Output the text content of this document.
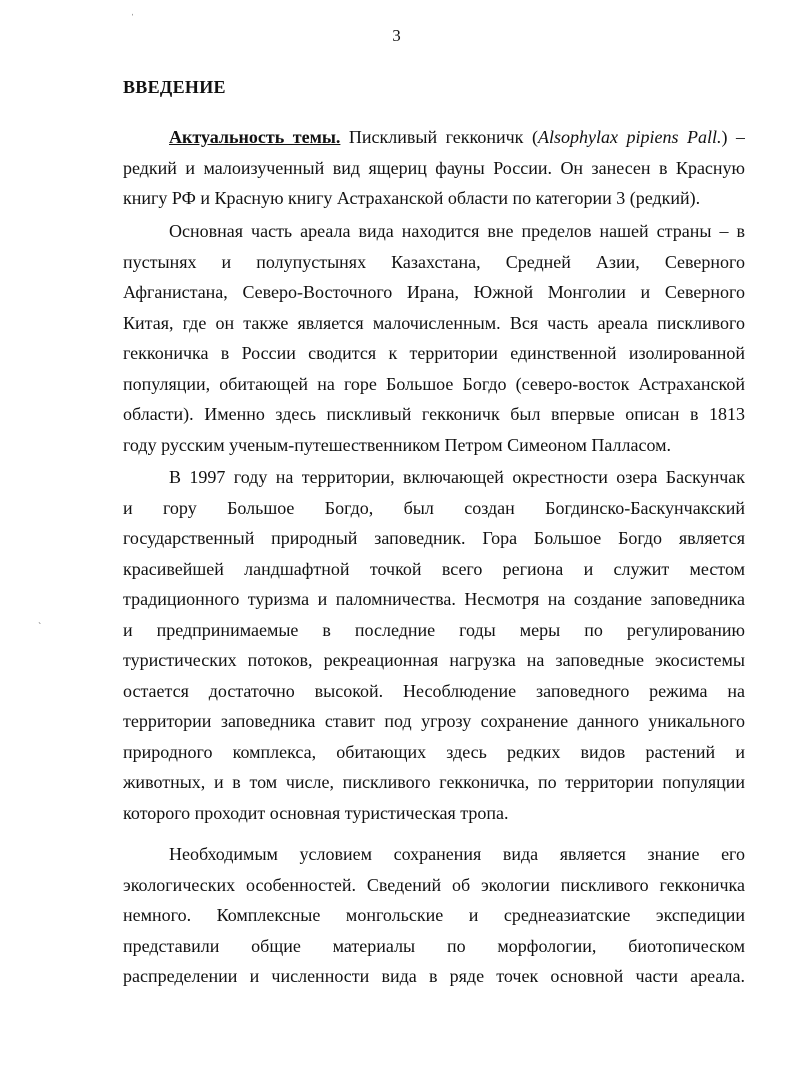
ˈ
3
ВВЕДЕНИЕ
Актуальность темы. Пискливый гекконичк (Alsophylax pipiens Pall.) –
редкий и малоизученный вид ящериц фауны России. Он занесен в Красную
книгу РФ и Красную книгу Астраханской области по категории 3 (редкий).
Основная часть ареала вида находится вне пределов нашей страны – в
пустынях и полупустынях Казахстана, Средней Азии, Северного
Афганистана, Северо-Восточного Ирана, Южной Монголии и Северного
Китая, где он также является малочисленным. Вся часть ареала пискливого
гекконичка в России сводится к территории единственной изолированной
популяции, обитающей на горе Большое Богдо (северо-восток Астраханской
области). Именно здесь пискливый гекконичк был впервые описан в 1813
году русским ученым-путешественником Петром Симеоном Палласом.
В 1997 году на территории, включающей окрестности озера Баскунчак
и гору Большое Богдо, был создан Богдинско-Баскунчакский
государственный природный заповедник. Гора Большое Богдо является
красивейшей ландшафтной точкой всего региона и служит местом
традиционного туризма и паломничества. Несмотря на создание заповедника
и предпринимаемые в последние годы меры по регулированию
туристических потоков, рекреационная нагрузка на заповедные экосистемы
остается достаточно высокой. Несоблюдение заповедного режима на
территории заповедника ставит под угрозу сохранение данного уникального
природного комплекса, обитающих здесь редких видов растений и
животных, и в том числе, пискливого гекконичка, по территории популяции
которого проходит основная туристическая тропа.
ˋ
Необходимым условием сохранения вида является знание его
экологических особенностей. Сведений об экологии пискливого гекконичка
немного. Комплексные монгольские и среднеазиатские экспедиции
представили общие материалы по морфологии, биотопическом
распределении и численности вида в ряде точек основной части ареала.
